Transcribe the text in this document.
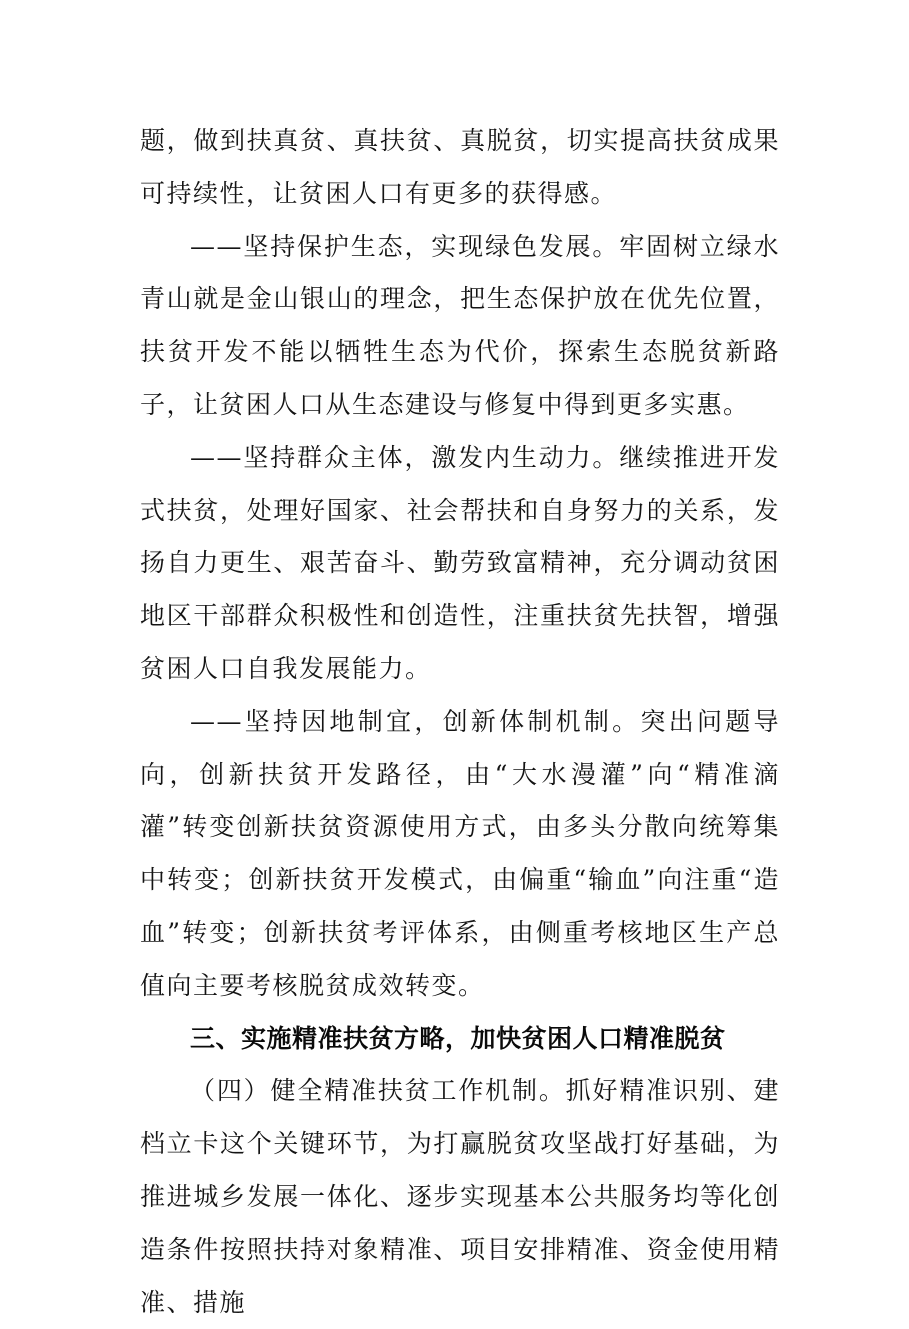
题，做到扶真贫、真扶贫、真脱贫，切实提高扶贫成果可持续性，让贫困人口有更多的获得感。

——坚持保护生态，实现绿色发展。牢固树立绿水青山就是金山银山的理念，把生态保护放在优先位置，扶贫开发不能以牺牲生态为代价，探索生态脱贫新路子，让贫困人口从生态建设与修复中得到更多实惠。

——坚持群众主体，激发内生动力。继续推进开发式扶贫，处理好国家、社会帮扶和自身努力的关系，发扬自力更生、艰苦奋斗、勤劳致富精神，充分调动贫困地区干部群众积极性和创造性，注重扶贫先扶智，增强贫困人口自我发展能力。

——坚持因地制宜，创新体制机制。突出问题导向，创新扶贫开发路径，由“大水漫灌”向“精准滴灌”转变创新扶贫资源使用方式，由多头分散向统筹集中转变；创新扶贫开发模式，由偏重“输血”向注重“造血”转变；创新扶贫考评体系，由侧重考核地区生产总值向主要考核脱贫成效转变。

三、实施精准扶贫方略，加快贫困人口精准脱贫

（四）健全精准扶贫工作机制。抓好精准识别、建档立卡这个关键环节，为打赢脱贫攻坚战打好基础，为推进城乡发展一体化、逐步实现基本公共服务均等化创造条件按照扶持对象精准、项目安排精准、资金使用精准、措施
